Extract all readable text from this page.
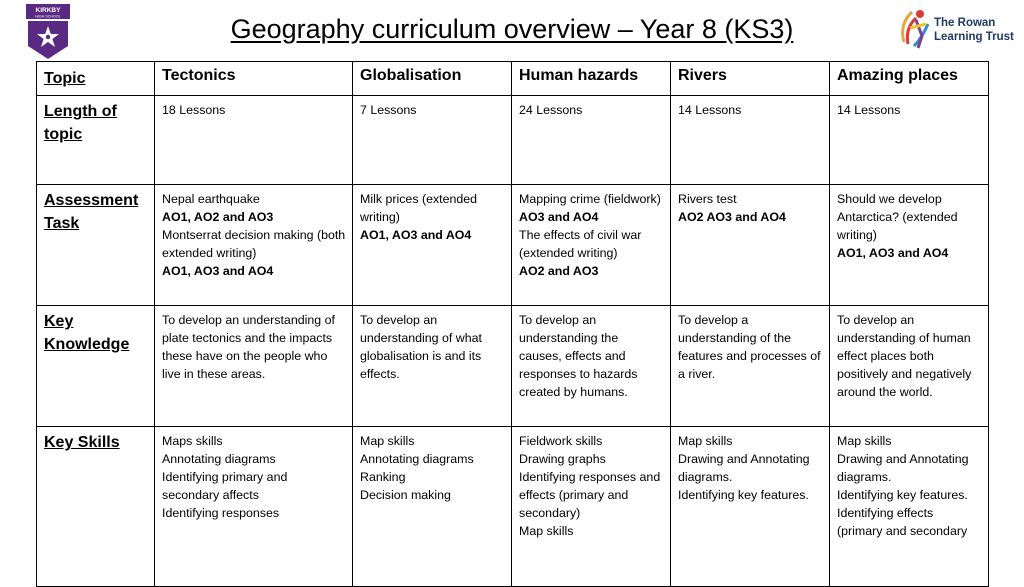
Geography curriculum overview – Year 8 (KS3)
KIRKBY
HIGH SCHOOL
The Rowan
Learning Trust
Topic	Tectonics	Globalisation	Human hazards	Rivers	Amazing places
Length of topic	18 Lessons	7 Lessons	24 Lessons	14 Lessons	14 Lessons

Assessment Task	Nepal earthquake
AO1, AO2 and AO3
Montserrat decision making (both extended writing)
AO1, AO3 and AO4	Milk prices (extended writing)
AO1, AO3 and AO4	Mapping crime (fieldwork)
AO3 and AO4
The effects of civil war (extended writing)
AO2 and AO3	Rivers test
AO2 AO3 and AO4	Should we develop Antarctica? (extended writing)
AO1, AO3 and AO4

Key Knowledge	To develop an understanding of plate tectonics and the impacts these have on the people who live in these areas.	To develop an understanding of what globalisation is and its effects.	To develop an understanding the causes, effects and responses to hazards created by humans.	To develop a understanding of the features and processes of a river.	To develop an understanding of human effect places both positively and negatively around the world.

Key Skills	Maps skills
Annotating diagrams
Identifying primary and secondary affects
Identifying responses	Map skills
Annotating diagrams
Ranking
Decision making	Fieldwork skills
Drawing graphs
Identifying responses and effects (primary and secondary)
Map skills	Map skills
Drawing and Annotating diagrams.
Identifying key features.	Map skills
Drawing and Annotating diagrams.
Identifying key features.
Identifying effects (primary and secondary
